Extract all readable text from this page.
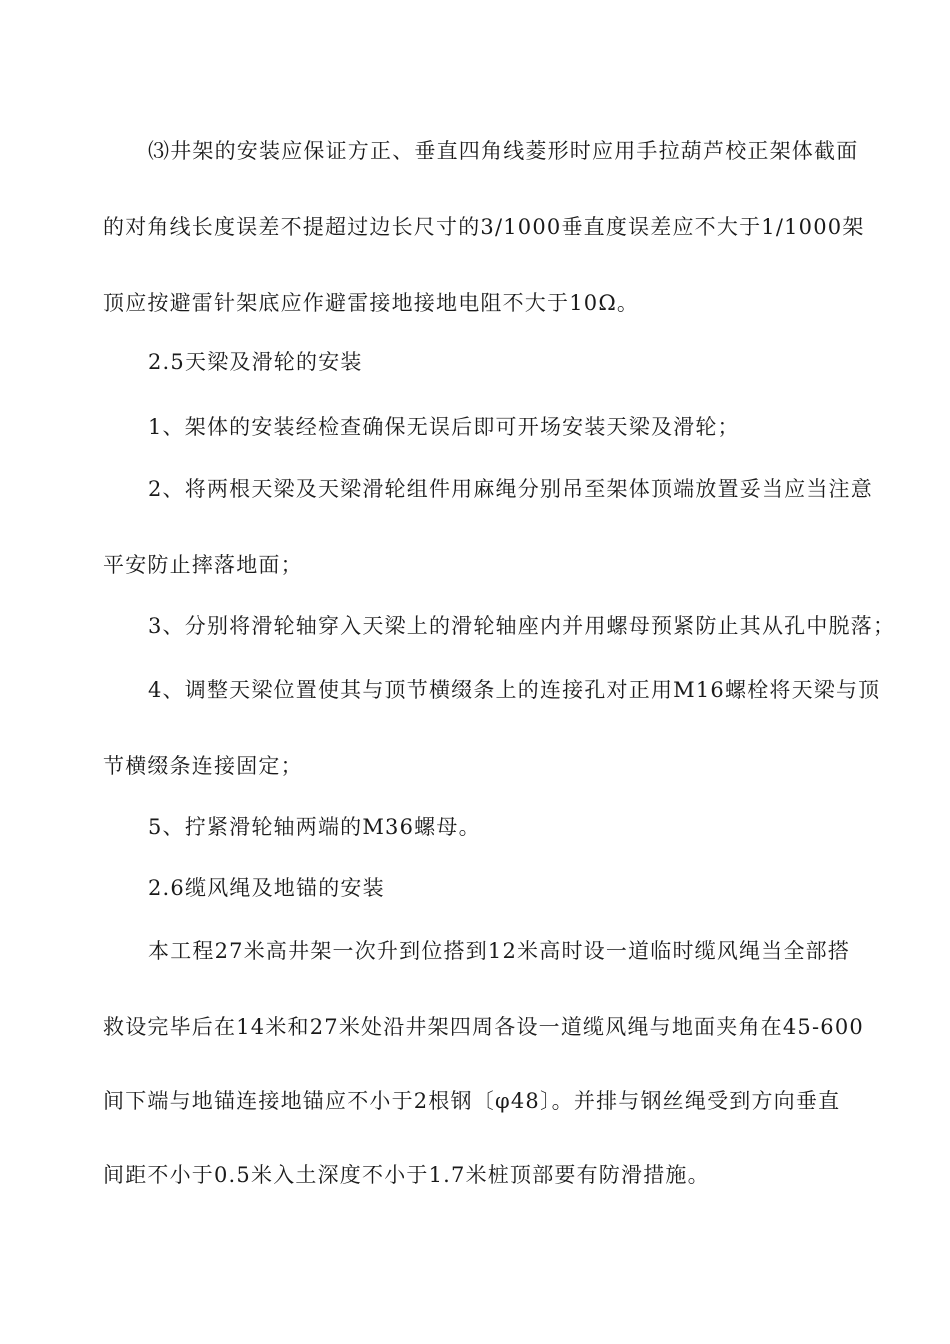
⑶井架的安装应保证方正、垂直四角线菱形时应用手拉葫芦校正架体截面
的对角线长度误差不提超过边长尺寸的3/1000垂直度误差应不大于1/1000架
顶应按避雷针架底应作避雷接地接地电阻不大于10Ω。
2.5天梁及滑轮的安装
1、架体的安装经检查确保无误后即可开场安装天梁及滑轮；
2、将两根天梁及天梁滑轮组件用麻绳分别吊至架体顶端放置妥当应当注意
平安防止摔落地面；
3、分别将滑轮轴穿入天梁上的滑轮轴座内并用螺母预紧防止其从孔中脱落；
4、调整天梁位置使其与顶节横缀条上的连接孔对正用M16螺栓将天梁与顶
节横缀条连接固定；
5、拧紧滑轮轴两端的M36螺母。
2.6缆风绳及地锚的安装
本工程27米高井架一次升到位搭到12米高时设一道临时缆风绳当全部搭
救设完毕后在14米和27米处沿井架四周各设一道缆风绳与地面夹角在45-600
间下端与地锚连接地锚应不小于2根钢〔φ48〕。并排与钢丝绳受到方向垂直
间距不小于0.5米入土深度不小于1.7米桩顶部要有防滑措施。
